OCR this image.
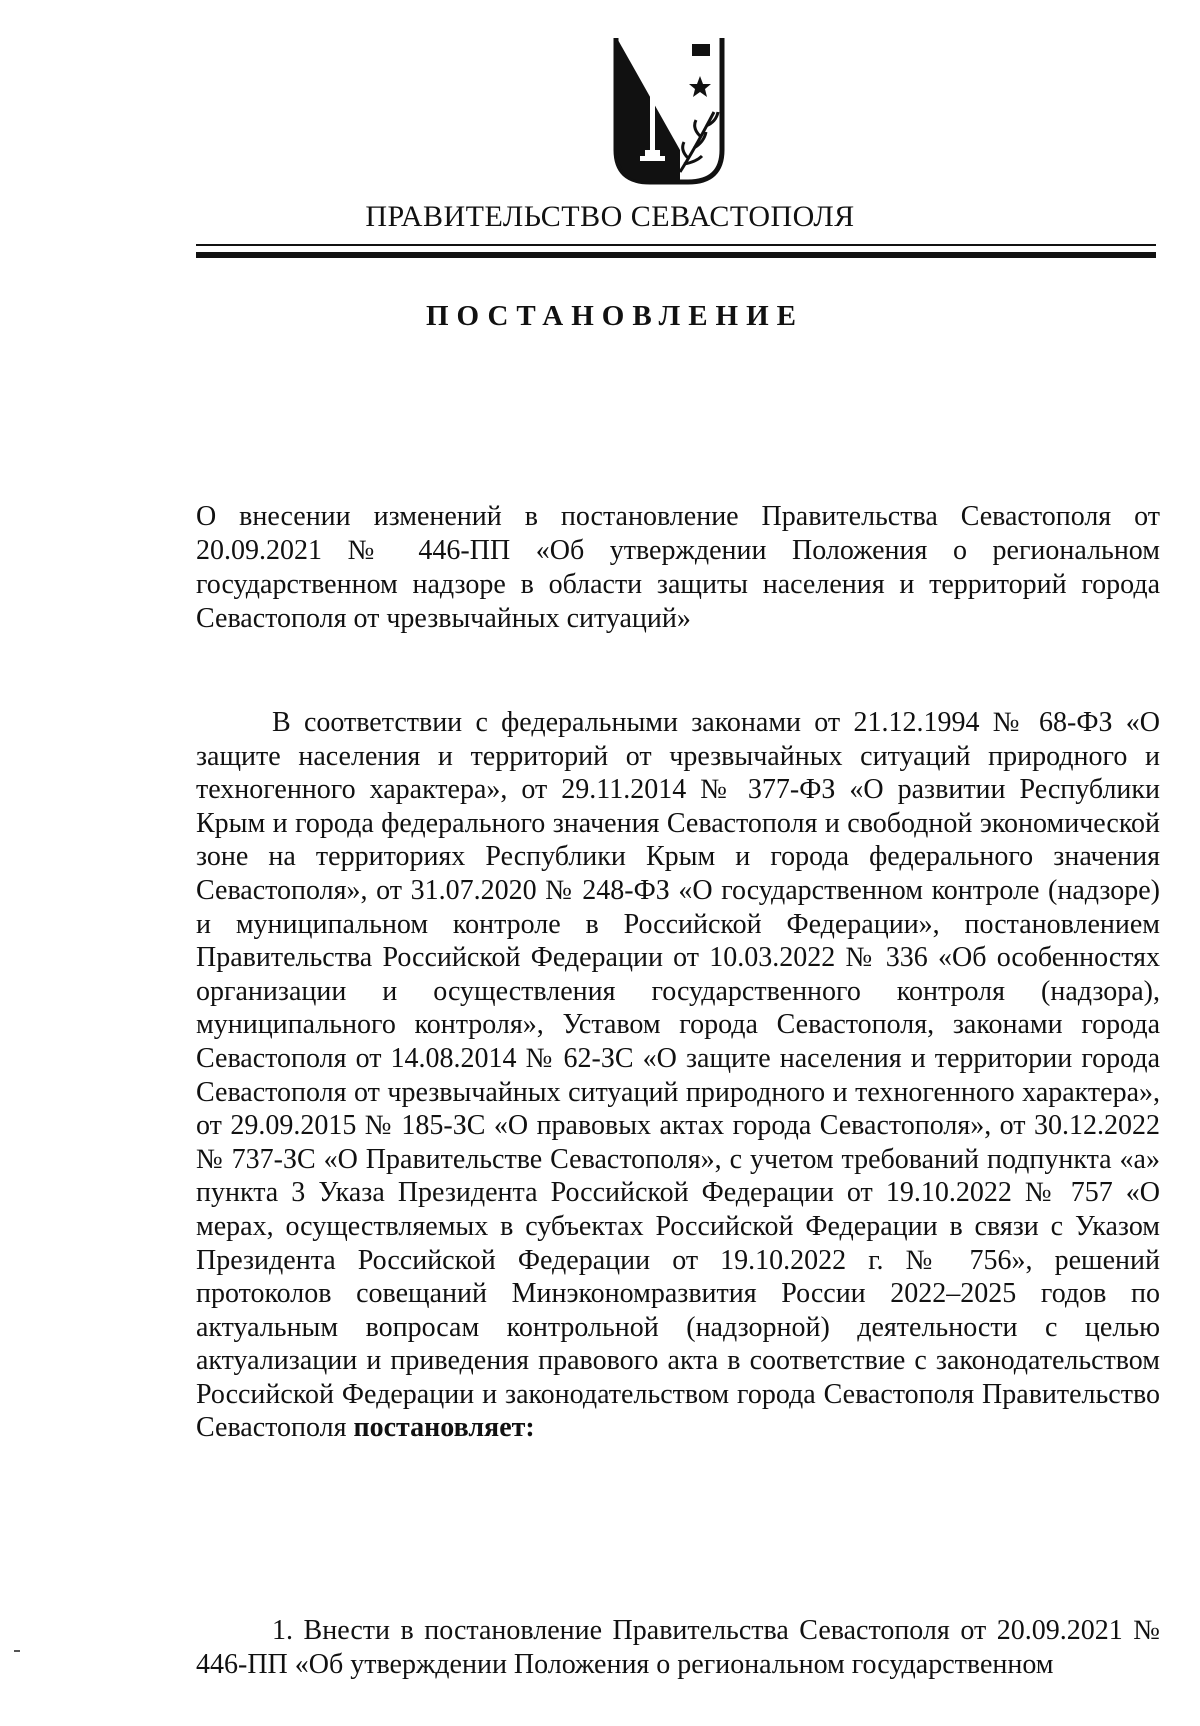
ПРАВИТЕЛЬСТВО СЕВАСТОПОЛЯ
ПОСТАНОВЛЕНИЕ
О внесении изменений в постановление Правительства Севастополя от 20.09.2021 № 446-ПП «Об утверждении Положения о региональном государственном надзоре в области защиты населения и территорий города Севастополя от чрезвычайных ситуаций»

В соответствии с федеральными законами от 21.12.1994 № 68-ФЗ «О защите населения и территорий от чрезвычайных ситуаций природного и техногенного характера», от 29.11.2014 № 377-ФЗ «О развитии Республики Крым и города федерального значения Севастополя и свободной экономической зоне на территориях Республики Крым и города федерального значения Севастополя», от 31.07.2020 № 248-ФЗ «О государственном контроле (надзоре) и муниципальном контроле в Российской Федерации», постановлением Правительства Российской Федерации от 10.03.2022 № 336 «Об особенностях организации и осуществления государственного контроля (надзора), муниципального контроля», Уставом города Севастополя, законами города Севастополя от 14.08.2014 № 62-ЗС «О защите населения и территории города Севастополя от чрезвычайных ситуаций природного и техногенного характера», от 29.09.2015 № 185-ЗС «О правовых актах города Севастополя», от 30.12.2022 № 737-ЗС «О Правительстве Севастополя», с учетом требований подпункта «а» пункта 3 Указа Президента Российской Федерации от 19.10.2022 № 757 «О мерах, осуществляемых в субъектах Российской Федерации в связи с Указом Президента Российской Федерации от 19.10.2022 г. № 756», решений протоколов совещаний Минэкономразвития России 2022–2025 годов по актуальным вопросам контрольной (надзорной) деятельности с целью актуализации и приведения правового акта в соответствие с законодательством Российской Федерации и законодательством города Севастополя Правительство Севастополя постановляет:

1. Внести в постановление Правительства Севастополя от 20.09.2021 № 446-ПП «Об утверждении Положения о региональном государственном
